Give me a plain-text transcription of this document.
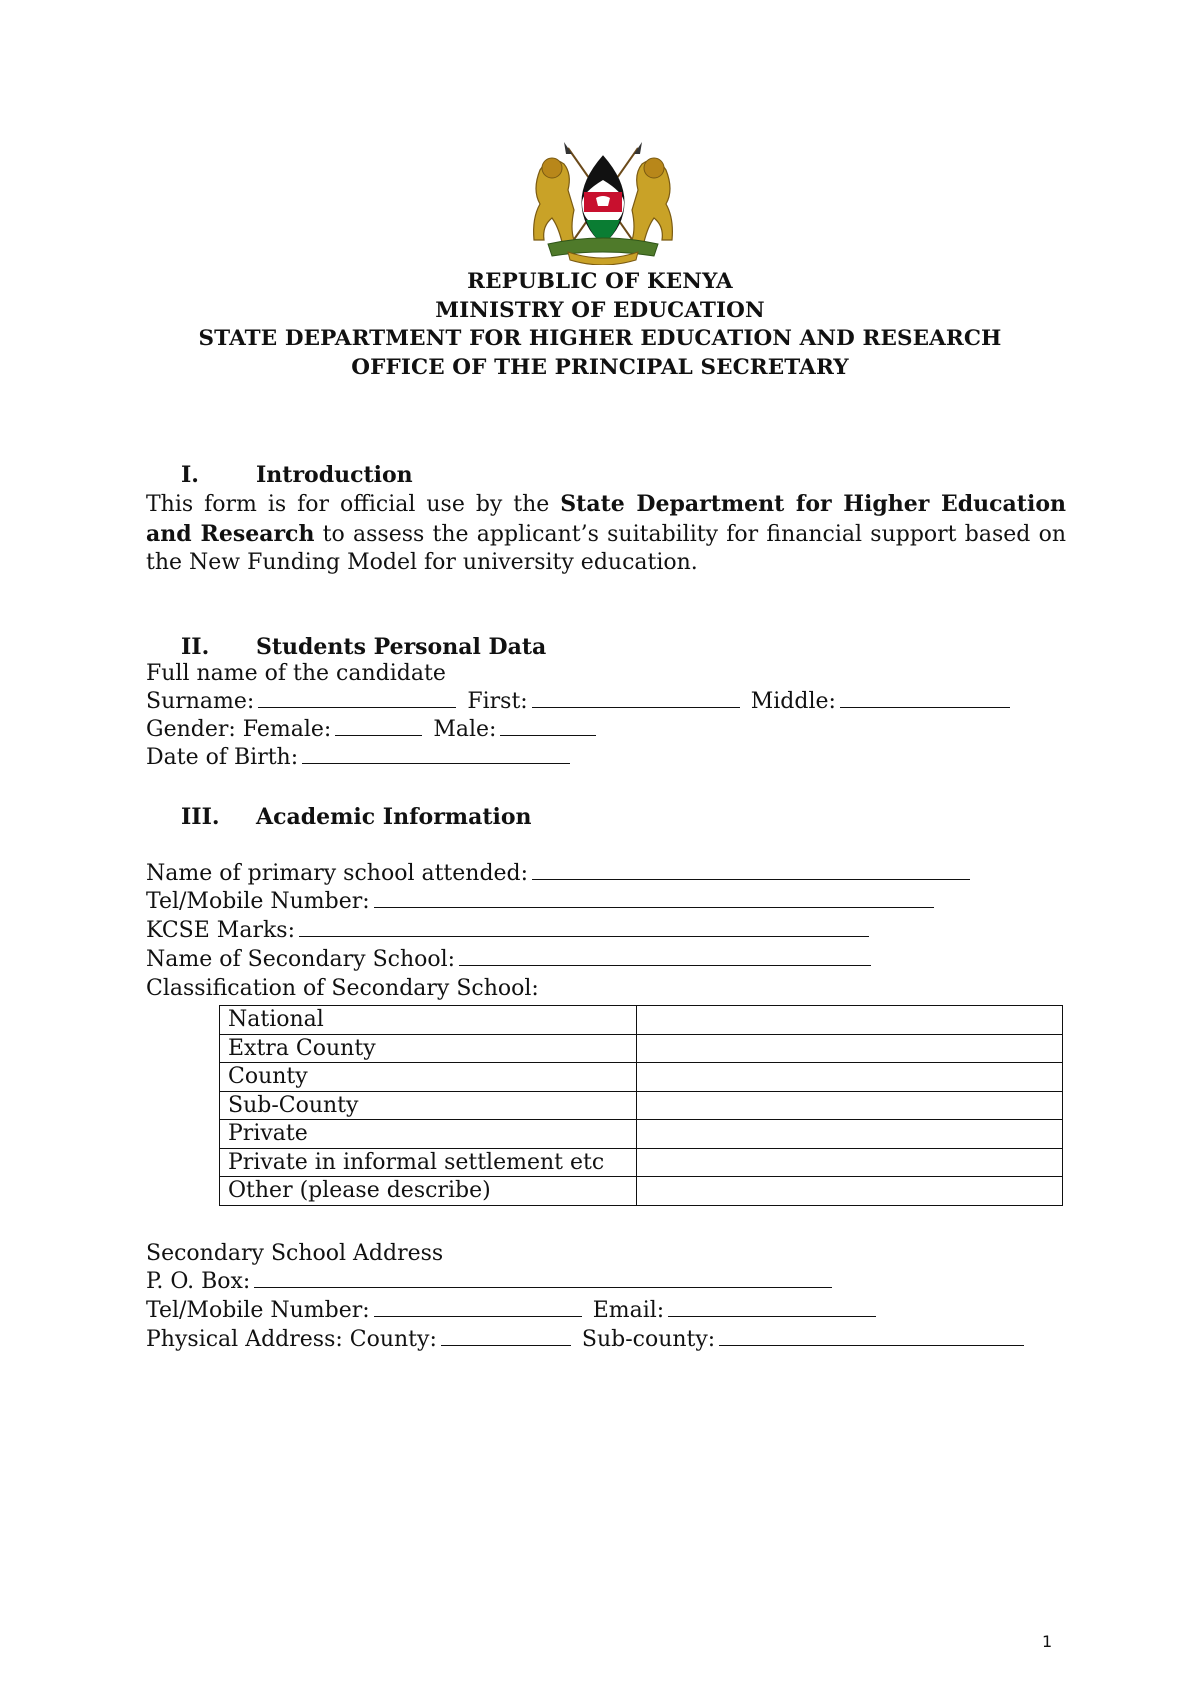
REPUBLIC OF KENYA
MINISTRY OF EDUCATION
STATE DEPARTMENT FOR HIGHER EDUCATION AND RESEARCH
OFFICE OF THE PRINCIPAL SECRETARY
I.	Introduction
This form is for official use by the State Department for Higher Education and Research to assess the applicant’s suitability for financial support based on the New Funding Model for university education.
II. Students Personal Data
Full name of the candidate
Surname:	First:	Middle:
Gender: Female:	Male:
Date of Birth:
III. Academic Information
Name of primary school attended:
Tel/Mobile Number:
KCSE Marks:
Name of Secondary School:
Classification of Secondary School:
National	
Extra County	
County	
Sub-County	
Private	
Private in informal settlement etc	
Other (please describe)	
Secondary School Address
P. O. Box:
Tel/Mobile Number:	Email:
Physical Address: County:	Sub-county:
1
